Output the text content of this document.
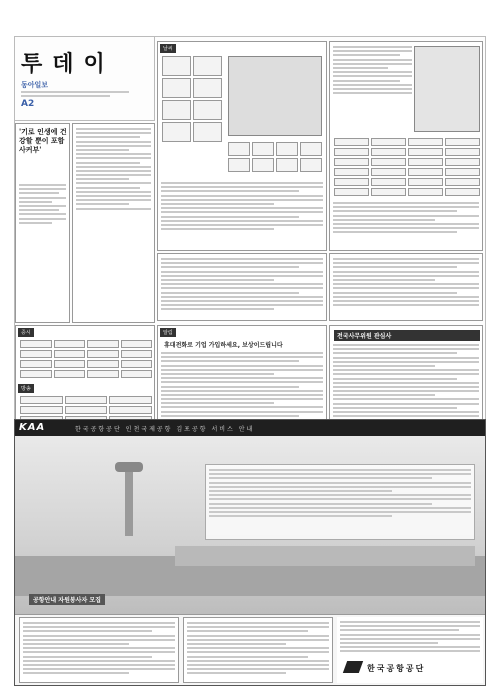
투데이
동아일보
A2
'기로 인생에 건강할 뿐이 포함사커부'
날씨
증시
방송
알림
휴대전화로 기업 가입하세요, 보상이드립니다
전국사무위원 관심사
KAA	한국공항공단 인천국제공항 김포공항 서비스 안내
공항안내 자원봉사자 모집
한국공항공단
